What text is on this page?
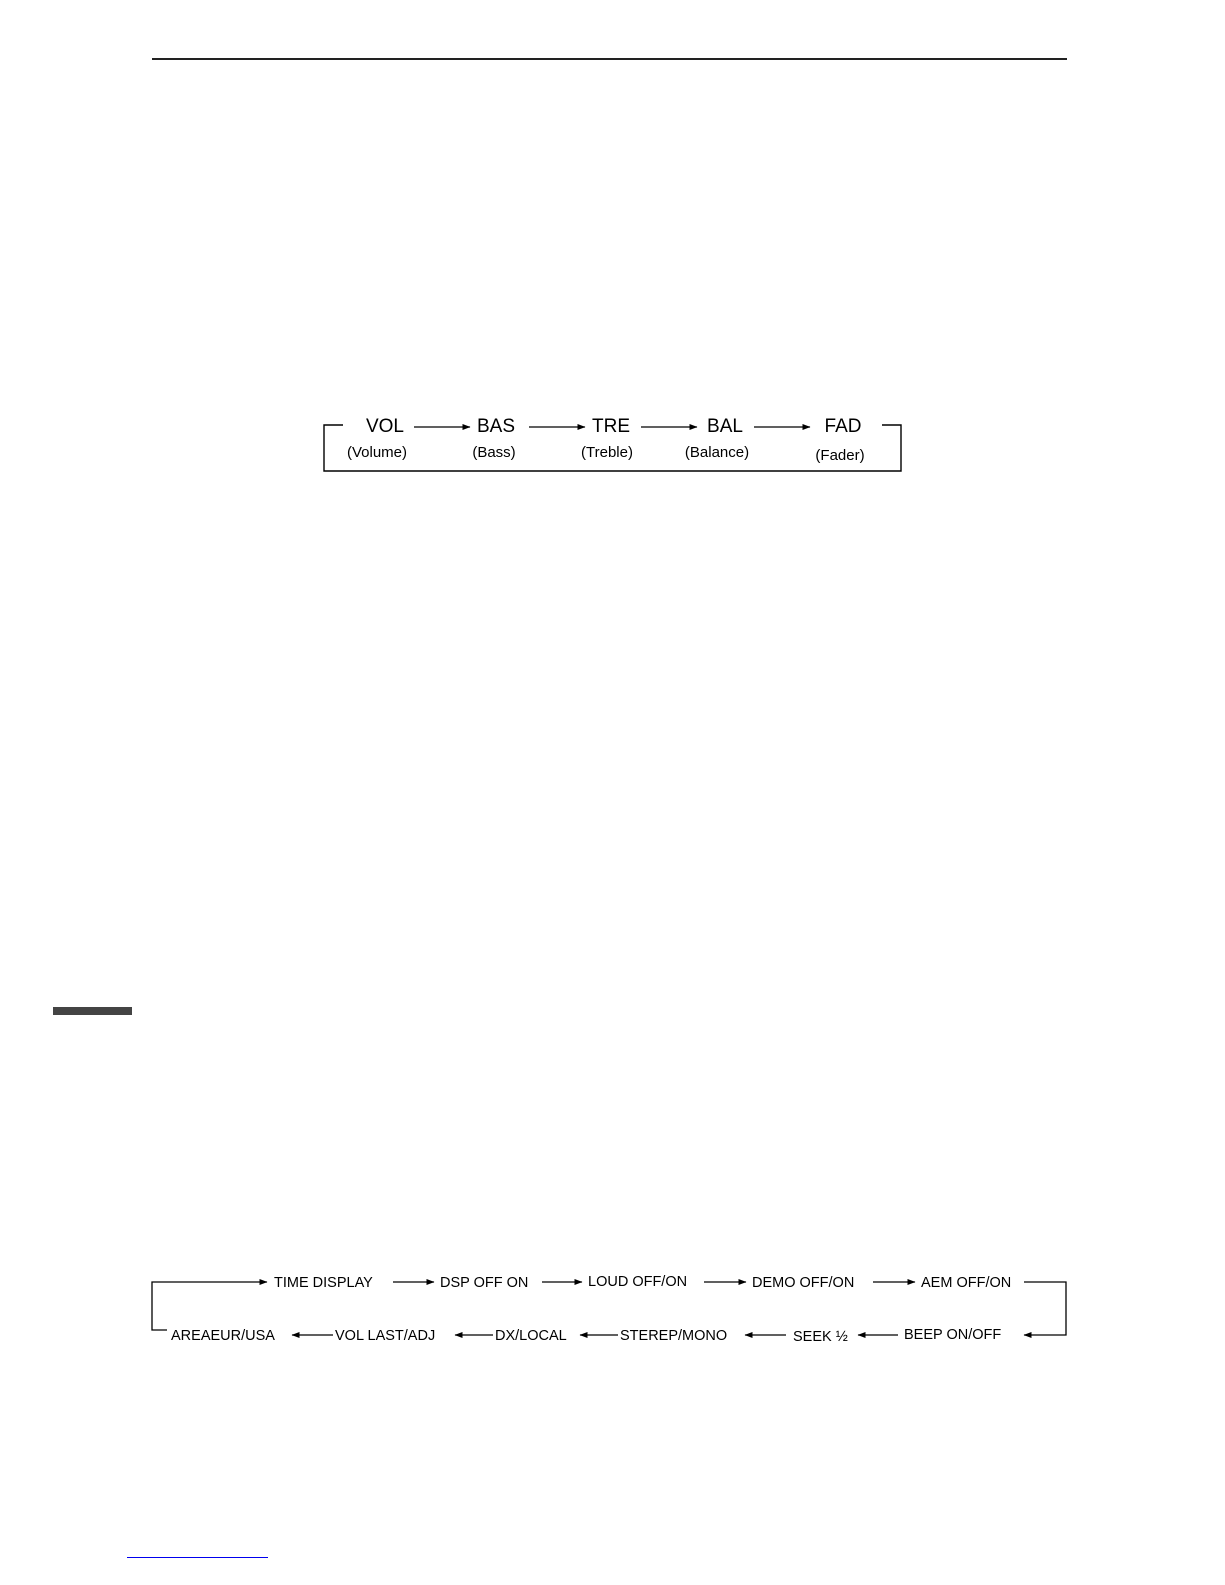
VOL
(Volume)
BAS
(Bass)
TRE
(Treble)
BAL
(Balance)
FAD
(Fader)
TIME DISPLAY	DSP OFF ON	LOUD OFF/ON	DEMO OFF/ON	AEM OFF/ON
BEEP ON/OFF
SEEK ½
STEREP/MONO
DX/LOCAL
VOL LAST/ADJ
AREAEUR/USA
